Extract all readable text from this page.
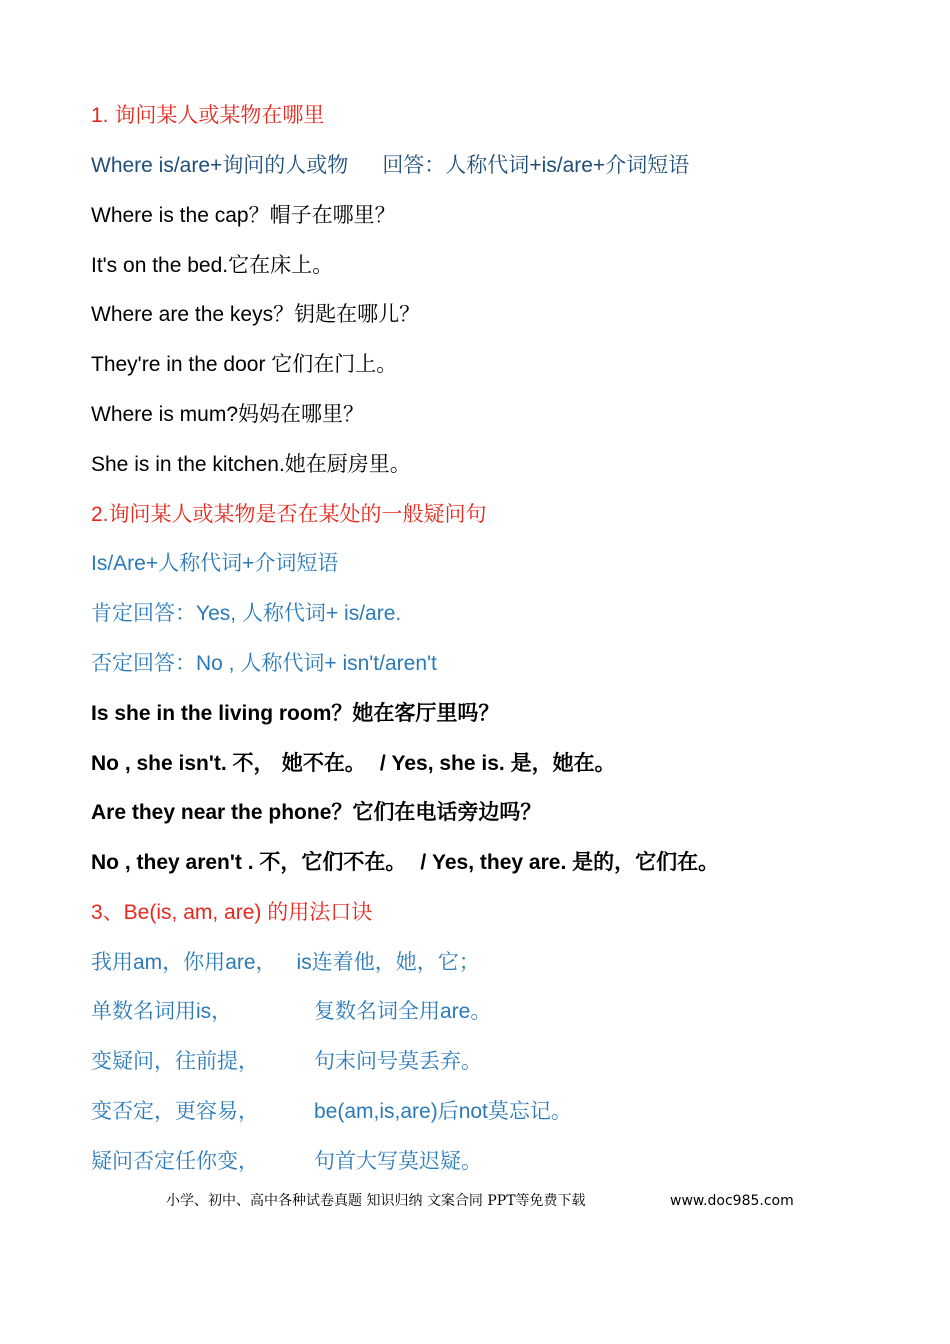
1. 询问某人或某物在哪里
Where is/are+询问的人或物 回答：人称代词+is/are+介词短语
Where is the cap？帽子在哪里？
It's on the bed.它在床上。
Where are the keys？钥匙在哪儿？
They're in the door 它们在门上。
Where is mum?妈妈在哪里？
She is in the kitchen.她在厨房里。
2.询问某人或某物是否在某处的一般疑问句
Is/Are+人称代词+介词短语
肯定回答：Yes, 人称代词+ is/are.
否定回答：No , 人称代词+ isn't/aren't
Is she in the living room？她在客厅里吗？
No , she isn't. 不， 她不在。 / Yes, she is. 是，她在。
Are they near the phone？它们在电话旁边吗？
No , they aren't . 不，它们不在。 / Yes, they are. 是的，它们在。
3、Be(is, am, are) 的用法口诀
我用am，你用are， is连着他，她，它；
单数名词用is，	复数名词全用are。
变疑问，往前提，	句末问号莫丢弃。
变否定，更容易，	be(am,is,are)后not莫忘记。
疑问否定任你变，	句首大写莫迟疑。
小学、初中、高中各种试卷真题 知识归纳 文案合同 PPT等免费下载	www.doc985.com
